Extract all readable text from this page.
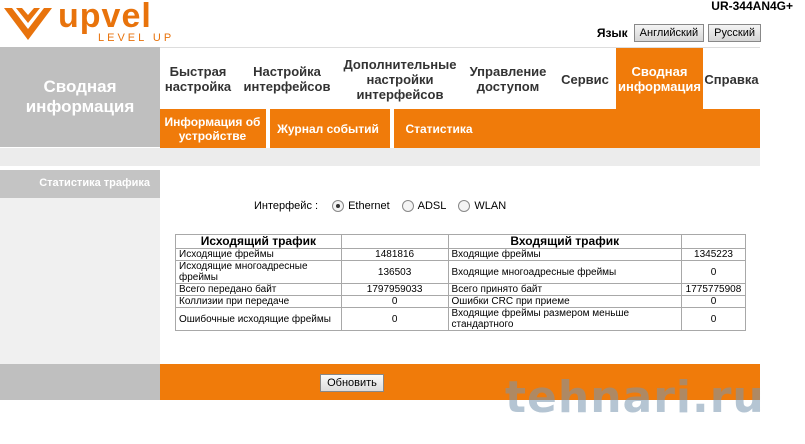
upvel
LEVEL UP
UR-344AN4G+
Язык	Английский	Русский
Сводная информация
Быстрая настройка
Настройка интерфейсов
Дополнительные настройки интерфейсов
Управление доступом	Сервис	Сводная информация Справка
Информация об устройстве	Журнал событий	Статистика
Статистика трафика
Интерфейс :	Ethernet	ADSL	WLAN
Исходящий трафик		Входящий трафик	
Исходящие фреймы	1481816	Входящие фреймы	1345223
Исходящие многоадресные фреймы	136503	Входящие многоадресные фреймы	0
Всего передано байт	1797959033	Всего принято байт	1775775908
Коллизии при передаче	0	Ошибки CRC при приеме	0
Ошибочные исходящие фреймы	0	Входящие фреймы размером меньше стандартного	0
Обновить	tehnari.ru
